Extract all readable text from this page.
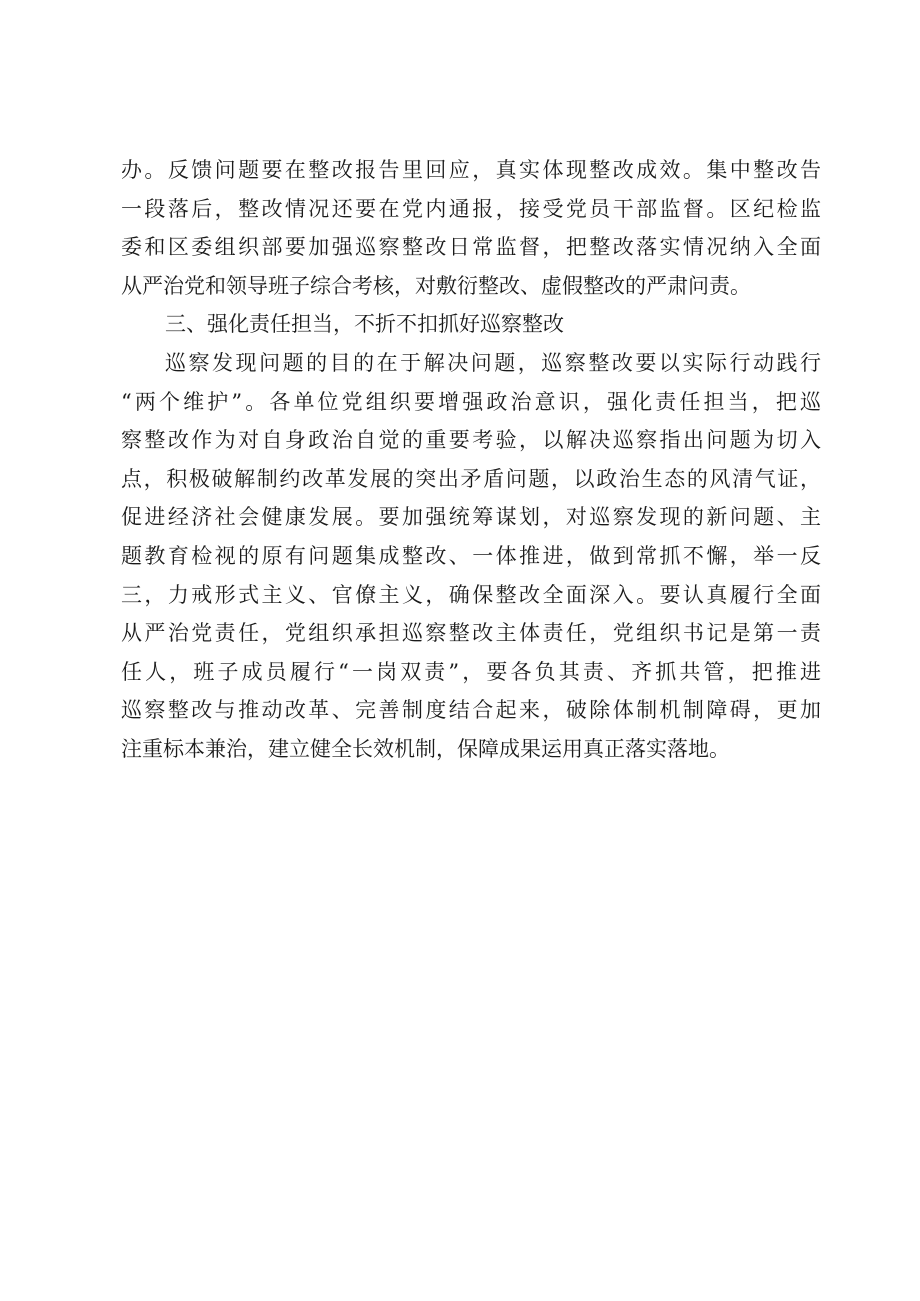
办。反馈问题要在整改报告里回应，真实体现整改成效。集中整改告
一段落后，整改情况还要在党内通报，接受党员干部监督。区纪检监
委和区委组织部要加强巡察整改日常监督，把整改落实情况纳入全面
从严治党和领导班子综合考核，对敷衍整改、虚假整改的严肃问责。
三、强化责任担当，不折不扣抓好巡察整改
巡察发现问题的目的在于解决问题，巡察整改要以实际行动践行
“两个维护”。各单位党组织要增强政治意识，强化责任担当，把巡
察整改作为对自身政治自觉的重要考验，以解决巡察指出问题为切入
点，积极破解制约改革发展的突出矛盾问题，以政治生态的风清气证，
促进经济社会健康发展。要加强统筹谋划，对巡察发现的新问题、主
题教育检视的原有问题集成整改、一体推进，做到常抓不懈，举一反
三，力戒形式主义、官僚主义，确保整改全面深入。要认真履行全面
从严治党责任，党组织承担巡察整改主体责任，党组织书记是第一责
任人，班子成员履行“一岗双责”，要各负其责、齐抓共管，把推进
巡察整改与推动改革、完善制度结合起来，破除体制机制障碍，更加
注重标本兼治，建立健全长效机制，保障成果运用真正落实落地。
